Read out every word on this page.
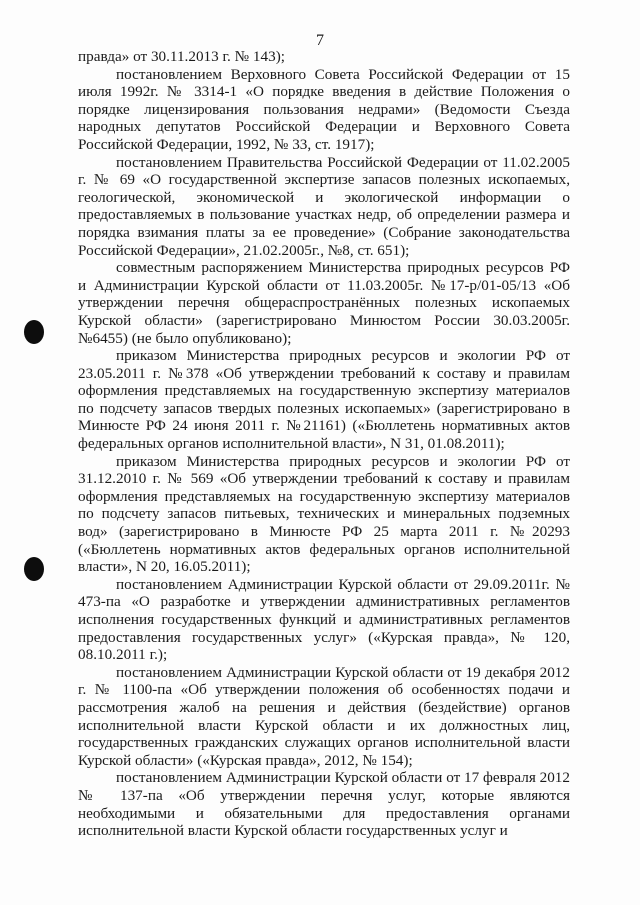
7

правда» от 30.11.2013 г. № 143);

постановлением Верховного Совета Российской Федерации от 15 июля 1992г. № 3314-1 «О порядке введения в действие Положения о порядке лицензирования пользования недрами» (Ведомости Съезда народных депутатов Российской Федерации и Верховного Совета Российской Федерации, 1992, № 33, ст. 1917);

постановлением Правительства Российской Федерации от 11.02.2005 г. № 69 «О государственной экспертизе запасов полезных ископаемых, геологической, экономической и экологической информации о предоставляемых в пользование участках недр, об определении размера и порядка взимания платы за ее проведение» (Собрание законодательства Российской Федерации», 21.02.2005г., №8, ст. 651);

совместным распоряжением Министерства природных ресурсов РФ и Администрации Курской области от 11.03.2005г. №17-р/01-05/13 «Об утверждении перечня общераспространённых полезных ископаемых Курской области» (зарегистрировано Минюстом России 30.03.2005г. №6455) (не было опубликовано);

приказом Министерства природных ресурсов и экологии РФ от 23.05.2011 г. №378 «Об утверждении требований к составу и правилам оформления представляемых на государственную экспертизу материалов по подсчету запасов твердых полезных ископаемых» (зарегистрировано в Минюсте РФ 24 июня 2011 г. №21161) («Бюллетень нормативных актов федеральных органов исполнительной власти», N 31, 01.08.2011);

приказом Министерства природных ресурсов и экологии РФ от 31.12.2010 г. № 569 «Об утверждении требований к составу и правилам оформления представляемых на государственную экспертизу материалов по подсчету запасов питьевых, технических и минеральных подземных вод» (зарегистрировано в Минюсте РФ 25 марта 2011 г. №20293 («Бюллетень нормативных актов федеральных органов исполнительной власти», N 20, 16.05.2011);

постановлением Администрации Курской области от 29.09.2011г. № 473-па «О разработке и утверждении административных регламентов исполнения государственных функций и административных регламентов предоставления государственных услуг» («Курская правда», № 120, 08.10.2011 г.);

постановлением Администрации Курской области от 19 декабря 2012 г. № 1100-па «Об утверждении положения об особенностях подачи и рассмотрения жалоб на решения и действия (бездействие) органов исполнительной власти Курской области и их должностных лиц, государственных гражданских служащих органов исполнительной власти Курской области» («Курская правда», 2012, № 154);

постановлением Администрации Курской области от 17 февраля 2012 № 137-па «Об утверждении перечня услуг, которые являются необходимыми и обязательными для предоставления органами исполнительной власти Курской области государственных услуг и
